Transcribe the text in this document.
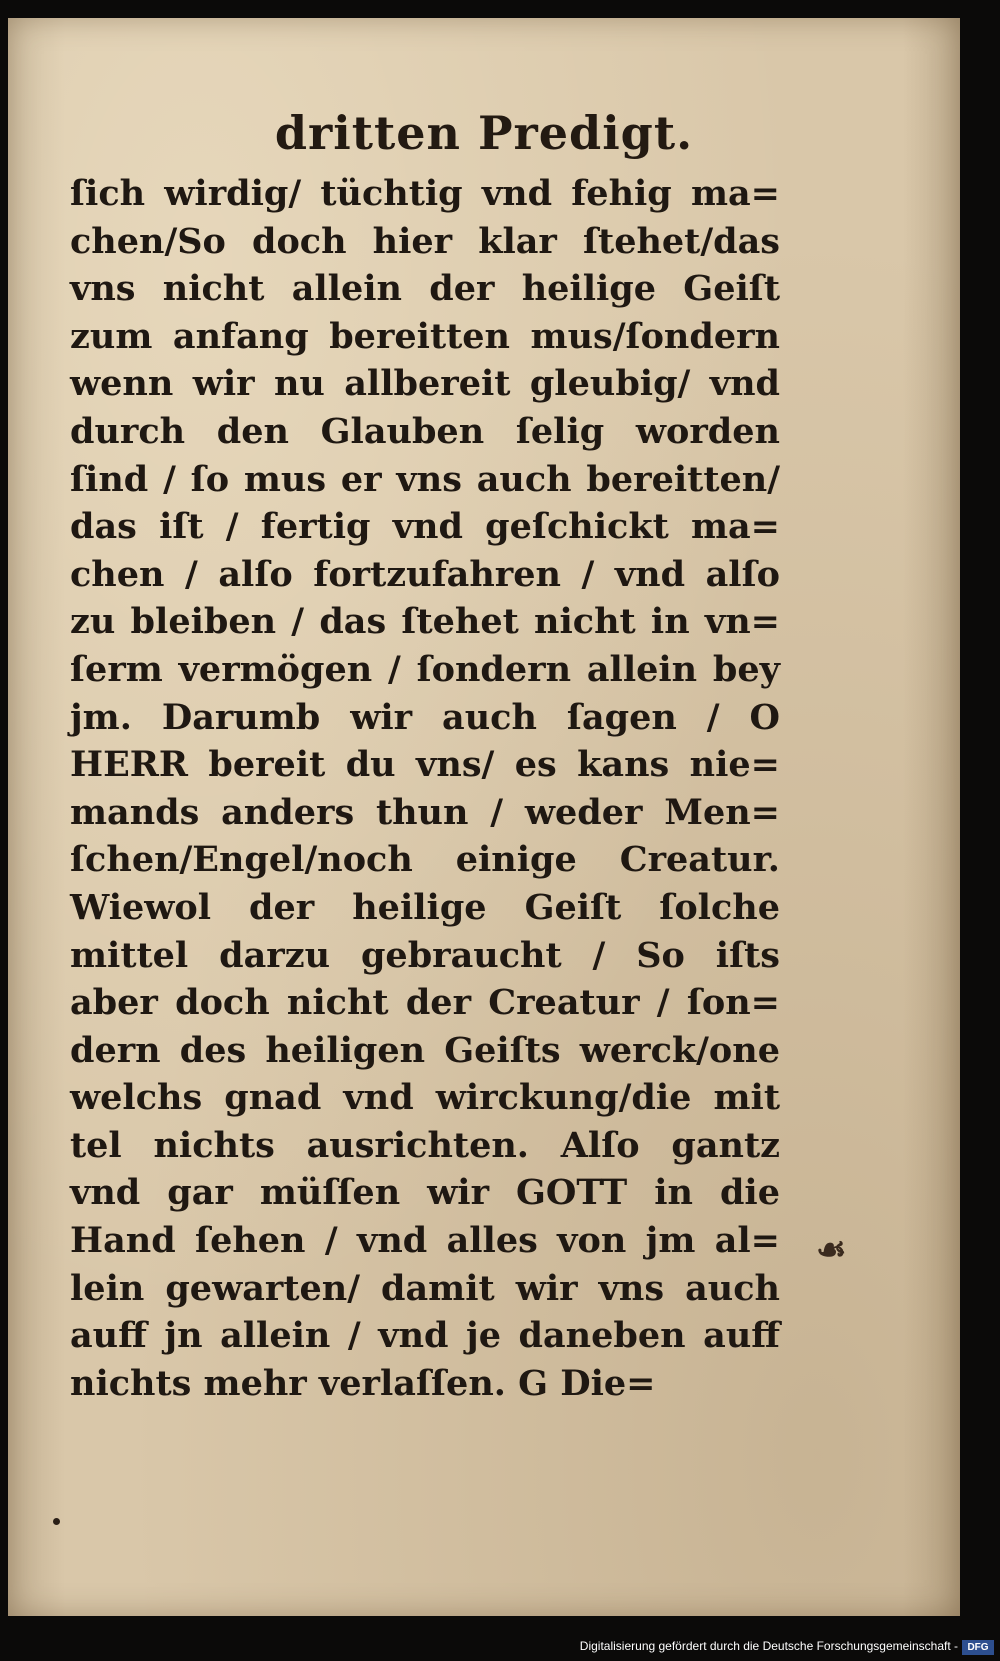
dritten Predigt.
ſich wirdig/ tüchtig vnd fehig ma=
chen/So doch hier klar ſtehet/das
vns nicht allein der heilige Geiſt
zum anfang bereitten mus/ſondern
wenn wir nu allbereit gleubig/ vnd
durch den Glauben ſelig worden
ſind / ſo mus er vns auch bereitten/
das iſt / fertig vnd geſchickt ma=
chen / alſo fortzufahren / vnd alſo
zu bleiben / das ſtehet nicht in vn=
ſerm vermögen / ſondern allein bey
jm. Darumb wir auch ſagen / O
HERR bereit du vns/ es kans nie=
mands anders thun / weder Men=
ſchen/Engel/noch einige Creatur.
Wiewol der heilige Geiſt ſolche
mittel darzu gebraucht / So iſts
aber doch nicht der Creatur / ſon=
dern des heiligen Geiſts werck/one
welchs gnad vnd wirckung/die mit
tel nichts ausrichten. Alſo gantz
vnd gar müſſen wir GOTT in die
Hand ſehen / vnd alles von jm al=
lein gewarten/ damit wir vns auch
auff jn allein / vnd je daneben auff
nichts mehr verlaſſen. G Die=
☙
Digitalisierung gefördert durch die Deutsche Forschungsgemeinschaft - DFG
